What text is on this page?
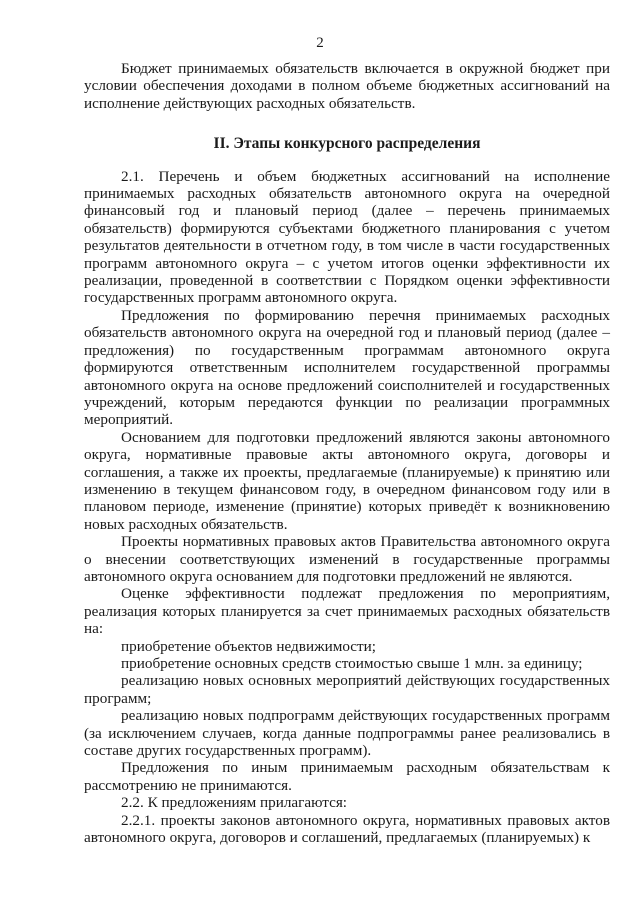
2

Бюджет принимаемых обязательств включается в окружной бюджет при условии обеспечения доходами в полном объеме бюджетных ассигнований на исполнение действующих расходных обязательств.

II. Этапы конкурсного распределения

2.1. Перечень и объем бюджетных ассигнований на исполнение принимаемых расходных обязательств автономного округа на очередной финансовый год и плановый период (далее – перечень принимаемых обязательств) формируются субъектами бюджетного планирования с учетом результатов деятельности в отчетном году, в том числе в части государственных программ автономного округа – с учетом итогов оценки эффективности их реализации, проведенной в соответствии с Порядком оценки эффективности государственных программ автономного округа.

Предложения по формированию перечня принимаемых расходных обязательств автономного округа на очередной год и плановый период (далее – предложения) по государственным программам автономного округа формируются ответственным исполнителем государственной программы автономного округа на основе предложений соисполнителей и государственных учреждений, которым передаются функции по реализации программных мероприятий.

Основанием для подготовки предложений являются законы автономного округа, нормативные правовые акты автономного округа, договоры и соглашения, а также их проекты, предлагаемые (планируемые) к принятию или изменению в текущем финансовом году, в очередном финансовом году или в плановом периоде, изменение (принятие) которых приведёт к возникновению новых расходных обязательств.

Проекты нормативных правовых актов Правительства автономного округа о внесении соответствующих изменений в государственные программы автономного округа основанием для подготовки предложений не являются.

Оценке эффективности подлежат предложения по мероприятиям, реализация которых планируется за счет принимаемых расходных обязательств на:

приобретение объектов недвижимости;

приобретение основных средств стоимостью свыше 1 млн. за единицу;

реализацию новых основных мероприятий действующих государственных программ;

реализацию новых подпрограмм действующих государственных программ (за исключением случаев, когда данные подпрограммы ранее реализовались в составе других государственных программ).

Предложения по иным принимаемым расходным обязательствам к рассмотрению не принимаются.

2.2. К предложениям прилагаются:

2.2.1. проекты законов автономного округа, нормативных правовых актов автономного округа, договоров и соглашений, предлагаемых (планируемых) к
